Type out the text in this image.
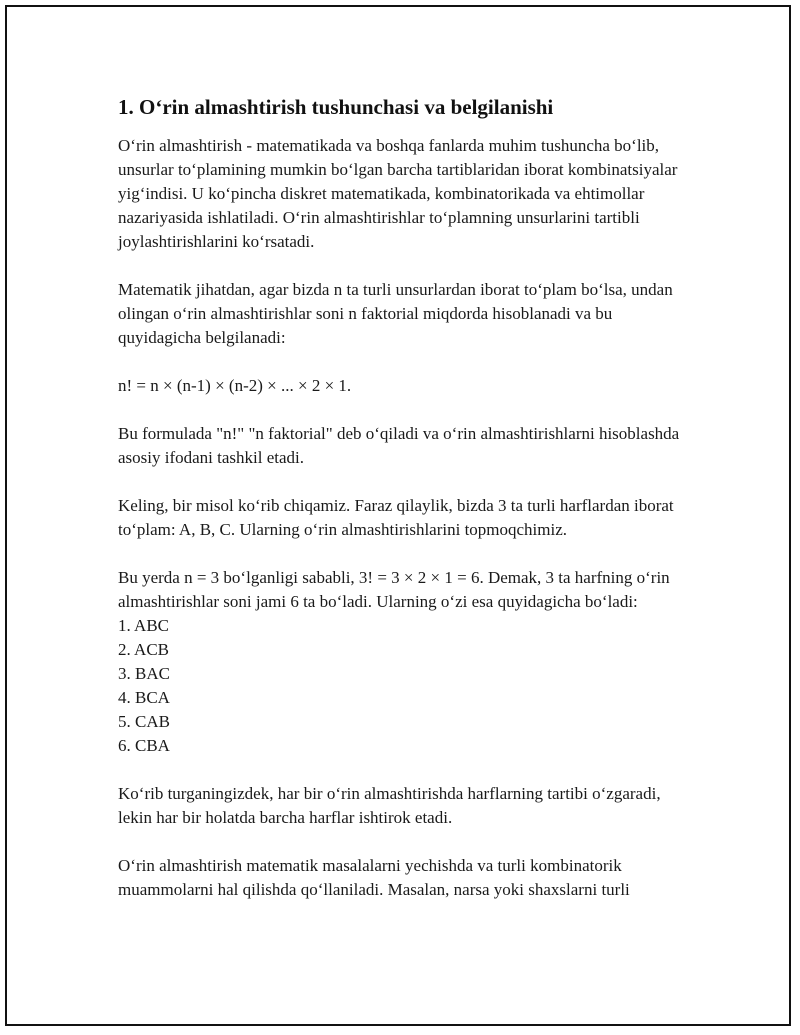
1. O‘rin almashtirish tushunchasi va belgilanishi

O‘rin almashtirish - matematikada va boshqa fanlarda muhim tushuncha bo‘lib, unsurlar to‘plamining mumkin bo‘lgan barcha tartiblaridan iborat kombinatsiyalar yig‘indisi. U ko‘pincha diskret matematikada, kombinatorikada va ehtimollar nazariyasida ishlatiladi. O‘rin almashtirishlar to‘plamning unsurlarini tartibli joylashtirishlarini ko‘rsatadi.

Matematik jihatdan, agar bizda n ta turli unsurlardan iborat to‘plam bo‘lsa, undan olingan o‘rin almashtirishlar soni n faktorial miqdorda hisoblanadi va bu quyidagicha belgilanadi:

n! = n × (n-1) × (n-2) × ... × 2 × 1.

Bu formulada "n!" "n faktorial" deb o‘qiladi va o‘rin almashtirishlarni hisoblashda asosiy ifodani tashkil etadi.

Keling, bir misol ko‘rib chiqamiz. Faraz qilaylik, bizda 3 ta turli harflardan iborat to‘plam: A, B, C. Ularning o‘rin almashtirishlarini topmoqchimiz.

Bu yerda n = 3 bo‘lganligi sababli, 3! = 3 × 2 × 1 = 6. Demak, 3 ta harfning o‘rin almashtirishlar soni jami 6 ta bo‘ladi. Ularning o‘zi esa quyidagicha bo‘ladi:

1. ABC
2. ACB
3. BAC
4. BCA
5. CAB
6. CBA

Ko‘rib turganingizdek, har bir o‘rin almashtirishda harflarning tartibi o‘zgaradi, lekin har bir holatda barcha harflar ishtirok etadi.

O‘rin almashtirish matematik masalalarni yechishda va turli kombinatorik muammolarni hal qilishda qo‘llaniladi. Masalan, narsa yoki shaxslarni turli
